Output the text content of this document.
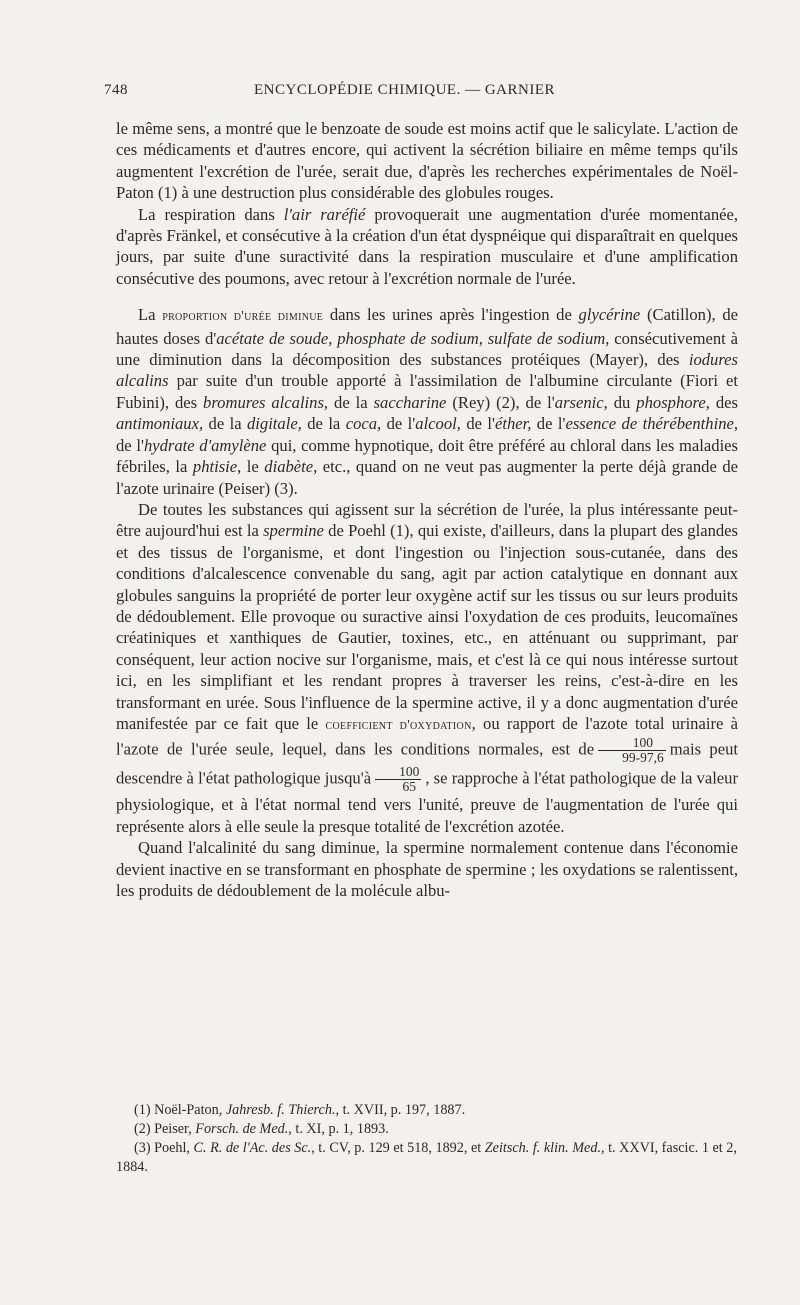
748	ENCYCLOPÉDIE CHIMIQUE. — GARNIER

le même sens, a montré que le benzoate de soude est moins actif que le salicylate. L'action de ces médicaments et d'autres encore, qui activent la sécrétion biliaire en même temps qu'ils augmentent l'excrétion de l'urée, serait due, d'après les recherches expérimentales de Noël-Paton (1) à une destruction plus considérable des globules rouges.

La respiration dans l'air raréfié provoquerait une augmentation d'urée momentanée, d'après Fränkel, et consécutive à la création d'un état dyspnéique qui disparaîtrait en quelques jours, par suite d'une suractivité dans la respiration musculaire et d'une amplification consécutive des poumons, avec retour à l'excrétion normale de l'urée.

La proportion d'urée diminue dans les urines après l'ingestion de glycérine (Catillon), de hautes doses d'acétate de soude, phosphate de sodium, sulfate de sodium, consécutivement à une diminution dans la décomposition des substances protéiques (Mayer), des iodures alcalins par suite d'un trouble apporté à l'assimilation de l'albumine circulante (Fiori et Fubini), des bromures alcalins, de la saccharine (Rey) (2), de l'arsenic, du phosphore, des antimoniaux, de la digitale, de la coca, de l'alcool, de l'éther, de l'essence de thérébenthine, de l'hydrate d'amylène qui, comme hypnotique, doit être préféré au chloral dans les maladies fébriles, la phtisie, le diabète, etc., quand on ne veut pas augmenter la perte déjà grande de l'azote urinaire (Peiser) (3).

De toutes les substances qui agissent sur la sécrétion de l'urée, la plus intéressante peut-être aujourd'hui est la spermine de Poehl (1), qui existe, d'ailleurs, dans la plupart des glandes et des tissus de l'organisme, et dont l'ingestion ou l'injection sous-cutanée, dans des conditions d'alcalescence convenable du sang, agit par action catalytique en donnant aux globules sanguins la propriété de porter leur oxygène actif sur les tissus ou sur leurs produits de dédoublement. Elle provoque ou suractive ainsi l'oxydation de ces produits, leucomaïnes créatiniques et xanthiques de Gautier, toxines, etc., en atténuant ou supprimant, par conséquent, leur action nocive sur l'organisme, mais, et c'est là ce qui nous intéresse surtout ici, en les simplifiant et les rendant propres à traverser les reins, c'est-à-dire en les transformant en urée. Sous l'influence de la spermine active, il y a donc augmentation d'urée manifestée par ce fait que le coefficient d'oxydation, ou rapport de l'azote total urinaire à l'azote de l'urée seule, lequel, dans les conditions normales, est de $\frac{100}{99-97,6}$ mais peut descendre à l'état pathologique jusqu'à $\frac{100}{65}$ , se rapproche à l'état pathologique de la valeur physiologique, et à l'état normal tend vers l'unité, preuve de l'augmentation de l'urée qui représente alors à elle seule la presque totalité de l'excrétion azotée.

Quand l'alcalinité du sang diminue, la spermine normalement contenue dans l'économie devient inactive en se transformant en phosphate de spermine ; les oxydations se ralentissent, les produits de dédoublement de la molécule albu-

(1) Noël-Paton, Jahresb. f. Thierch., t. XVII, p. 197, 1887.

(2) Peiser, Forsch. de Med., t. XI, p. 1, 1893.

(3) Poehl, C. R. de l'Ac. des Sc., t. CV, p. 129 et 518, 1892, et Zeitsch. f. klin. Med., t. XXVI, fascic. 1 et 2, 1884.
